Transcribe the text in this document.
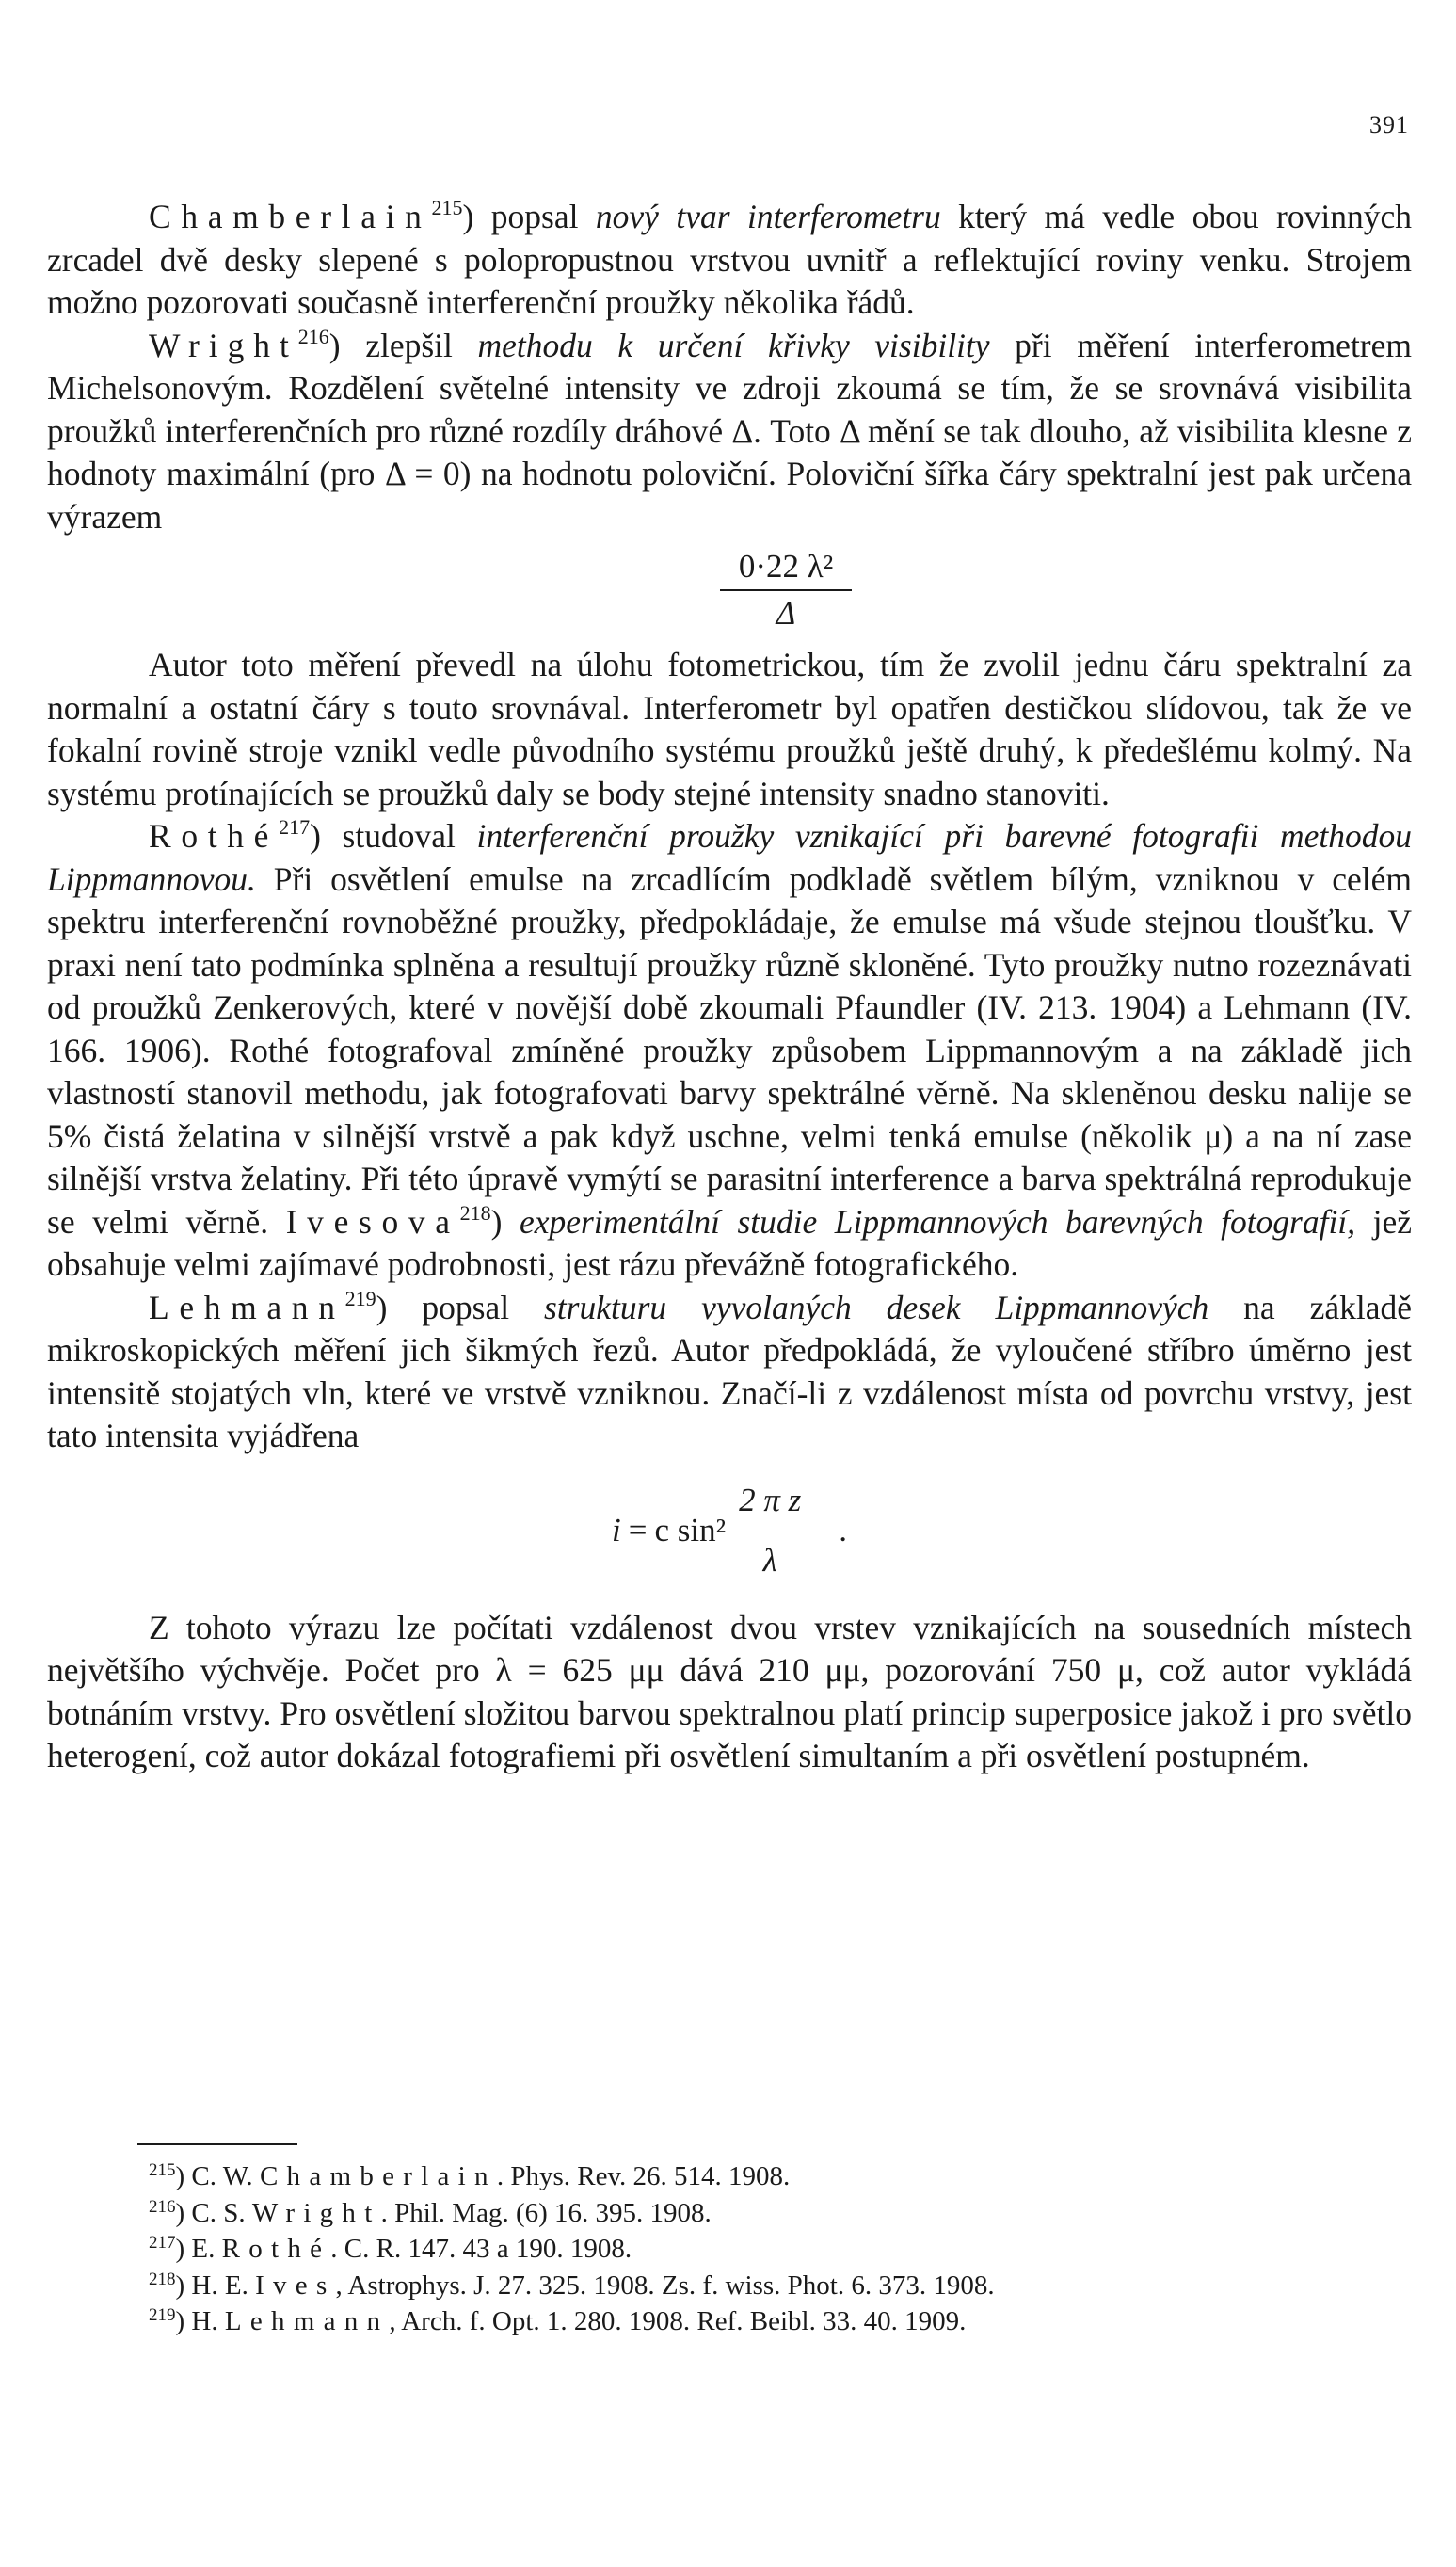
391

Chamberlain$^{215}$) popsal nový tvar interferometru který má vedle obou rovinných zrcadel dvě desky slepené s polopropustnou vrstvou uvnitř a reflektující roviny venku. Strojem možno pozorovati současně interferenční proužky několika řádů.

Wright$^{216}$) zlepšil methodu k určení křivky visibility při měření interferometrem Michelsonovým. Rozdělení světelné intensity ve zdroji zkoumá se tím, že se srovnává visibilita proužků interferenčních pro různé rozdíly dráhové Δ. Toto Δ mění se tak dlouho, až visibilita klesne z hodnoty maximální (pro Δ = 0) na hodnotu poloviční. Poloviční šířka čáry spektralní jest pak určena výrazem

0·22 λ²
Δ

Autor toto měření převedl na úlohu fotometrickou, tím že zvolil jednu čáru spektralní za normalní a ostatní čáry s touto srovnával. Interferometr byl opatřen destičkou slídovou, tak že ve fokalní rovině stroje vznikl vedle původního systému proužků ještě druhý, k předešlému kolmý. Na systému protínajících se proužků daly se body stejné intensity snadno stanoviti.

Rothé$^{217}$) studoval interferenční proužky vznikající při barevné fotografii methodou Lippmannovou. Při osvětlení emulse na zrcadlícím podkladě světlem bílým, vzniknou v celém spektru interferenční rovnoběžné proužky, předpokládaje, že emulse má všude stejnou tloušťku. V praxi není tato podmínka splněna a resultují proužky různě skloněné. Tyto proužky nutno rozeznávati od proužků Zenkerových, které v novější době zkoumali Pfaundler (IV. 213. 1904) a Lehmann (IV. 166. 1906). Rothé fotografoval zmíněné proužky způsobem Lippmannovým a na základě jich vlastností stanovil methodu, jak fotografovati barvy spektrálné věrně. Na skleněnou desku nalije se 5% čistá želatina v silnější vrstvě a pak když uschne, velmi tenká emulse (několik μ) a na ní zase silnější vrstva želatiny. Při této úpravě vymýtí se parasitní interference a barva spektrálná reprodukuje se velmi věrně. Ivesova$^{218}$) experimentální studie Lippmannových barevných fotografií, jež obsahuje velmi zajímavé podrobnosti, jest rázu převážně fotografického.

Lehmann$^{219}$) popsal strukturu vyvolaných desek Lippmannových na základě mikroskopických měření jich šikmých řezů. Autor předpokládá, že vyloučené stříbro úměrno jest intensitě stojatých vln, které ve vrstvě vzniknou. Značí-li z vzdálenost místa od povrchu vrstvy, jest tato intensita vyjádřena

i = c sin²
2 π z
λ
.

Z tohoto výrazu lze počítati vzdálenost dvou vrstev vznikajících na sousedních místech největšího výchvěje. Počet pro λ = 625 μμ dává 210 μμ, pozorování 750 μ, což autor vykládá botnáním vrstvy. Pro osvětlení složitou barvou spektralnou platí princip superposice jakož i pro světlo heterogení, což autor dokázal fotografiemi při osvětlení simultaním a při osvětlení postupném.

$^{215}$) C. W. Chamberlain. Phys. Rev. 26. 514. 1908.

$^{216}$) C. S. Wright. Phil. Mag. (6) 16. 395. 1908.

$^{217}$) E. Rothé. C. R. 147. 43 a 190. 1908.

$^{218}$) H. E. Ives, Astrophys. J. 27. 325. 1908. Zs. f. wiss. Phot. 6. 373. 1908.

$^{219}$) H. Lehmann, Arch. f. Opt. 1. 280. 1908. Ref. Beibl. 33. 40. 1909.
